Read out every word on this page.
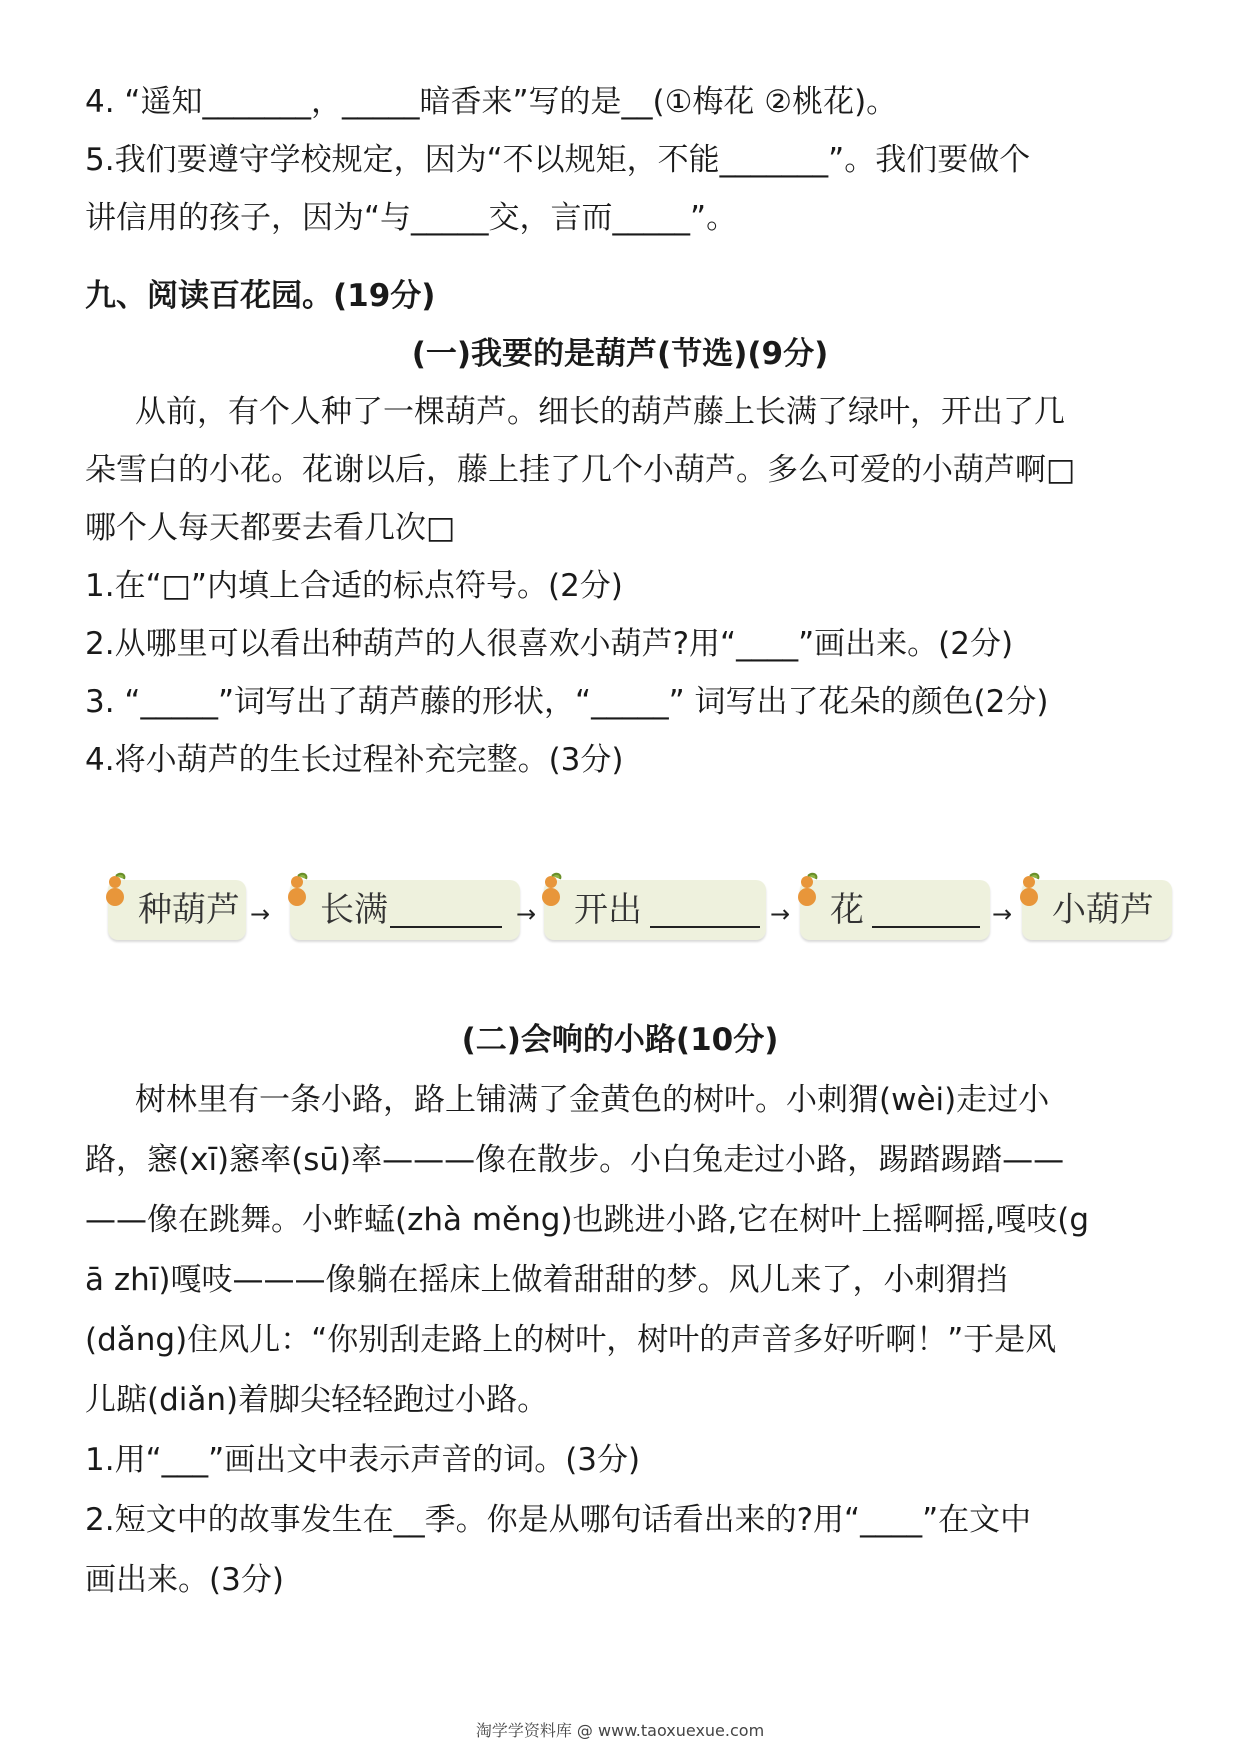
4. “遥知_______，_____暗香来”写的是__(①梅花 ②桃花)。
5.我们要遵守学校规定，因为“不以规矩，不能_______”。我们要做个
讲信用的孩子，因为“与_____交，言而_____”。
九、阅读百花园。(19分)
(一)我要的是葫芦(节选)(9分)
从前，有个人种了一棵葫芦。细长的葫芦藤上长满了绿叶，开出了几
朵雪白的小花。花谢以后，藤上挂了几个小葫芦。多么可爱的小葫芦啊□
哪个人每天都要去看几次□
1.在“□”内填上合适的标点符号。(2分)
2.从哪里可以看出种葫芦的人很喜欢小葫芦?用“____”画出来。(2分)
3. “_____”词写出了葫芦藤的形状，“_____” 词写出了花朵的颜色(2分)
4.将小葫芦的生长过程补充完整。(3分)
种葫芦 → 长满	→ 开出	→ 花	→ 小葫芦
(二)会响的小路(10分)
树林里有一条小路，路上铺满了金黄色的树叶。小刺猬(wèi)走过小
路，窸(xī)窸率(sū)率———像在散步。小白兔走过小路，踢踏踢踏——
——像在跳舞。小蚱蜢(zhà měng)也跳进小路,它在树叶上摇啊摇,嘎吱(g
ā zhī)嘎吱———像躺在摇床上做着甜甜的梦。风儿来了，小刺猬挡
(dǎng)住风儿：“你别刮走路上的树叶，树叶的声音多好听啊！”于是风
儿踮(diǎn)着脚尖轻轻跑过小路。
1.用“___”画出文中表示声音的词。(3分)
2.短文中的故事发生在__季。你是从哪句话看出来的?用“____”在文中
画出来。(3分)
淘学学资料库 @ www.taoxuexue.com
